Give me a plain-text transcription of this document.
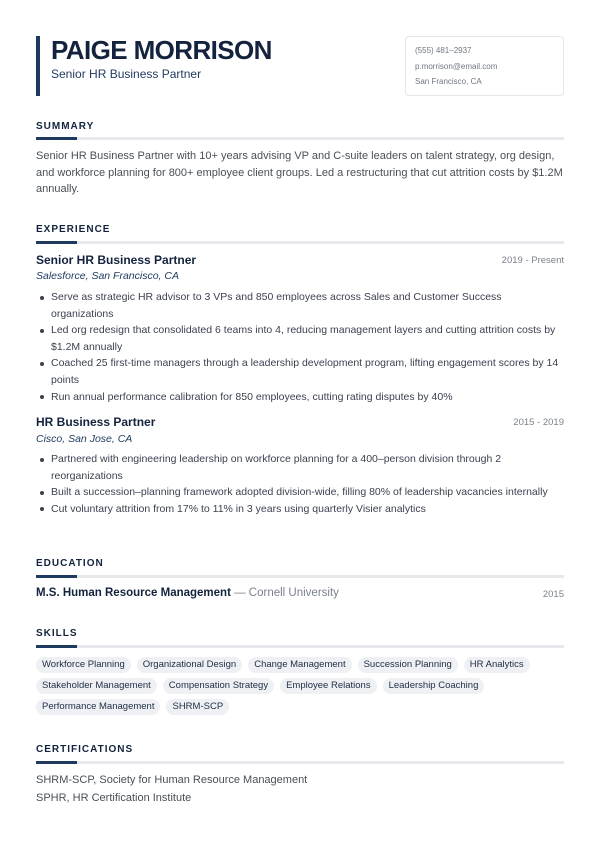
PAIGE MORRISON
Senior HR Business Partner
(555) 481–2937
p.morrison@email.com
San Francisco, CA
SUMMARY
Senior HR Business Partner with 10+ years advising VP and C-suite leaders on talent strategy, org design, and workforce planning for 800+ employee client groups. Led a restructuring that cut attrition costs by $1.2M annually.
EXPERIENCE
Senior HR Business Partner	2019 - Present
Salesforce, San Francisco, CA
Serve as strategic HR advisor to 3 VPs and 850 employees across Sales and Customer Success organizations
Led org redesign that consolidated 6 teams into 4, reducing management layers and cutting attrition costs by $1.2M annually
Coached 25 first-time managers through a leadership development program, lifting engagement scores by 14 points
Run annual performance calibration for 850 employees, cutting rating disputes by 40%
HR Business Partner	2015 - 2019
Cisco, San Jose, CA
Partnered with engineering leadership on workforce planning for a 400–person division through 2 reorganizations
Built a succession–planning framework adopted division-wide, filling 80% of leadership vacancies internally
Cut voluntary attrition from 17% to 11% in 3 years using quarterly Visier analytics
EDUCATION
M.S. Human Resource Management — Cornell University	2015
SKILLS
Workforce Planning	Organizational Design	Change Management	Succession Planning	HR Analytics
Stakeholder Management	Compensation Strategy	Employee Relations	Leadership Coaching
Performance Management	SHRM-SCP
CERTIFICATIONS
SHRM-SCP, Society for Human Resource Management
SPHR, HR Certification Institute
